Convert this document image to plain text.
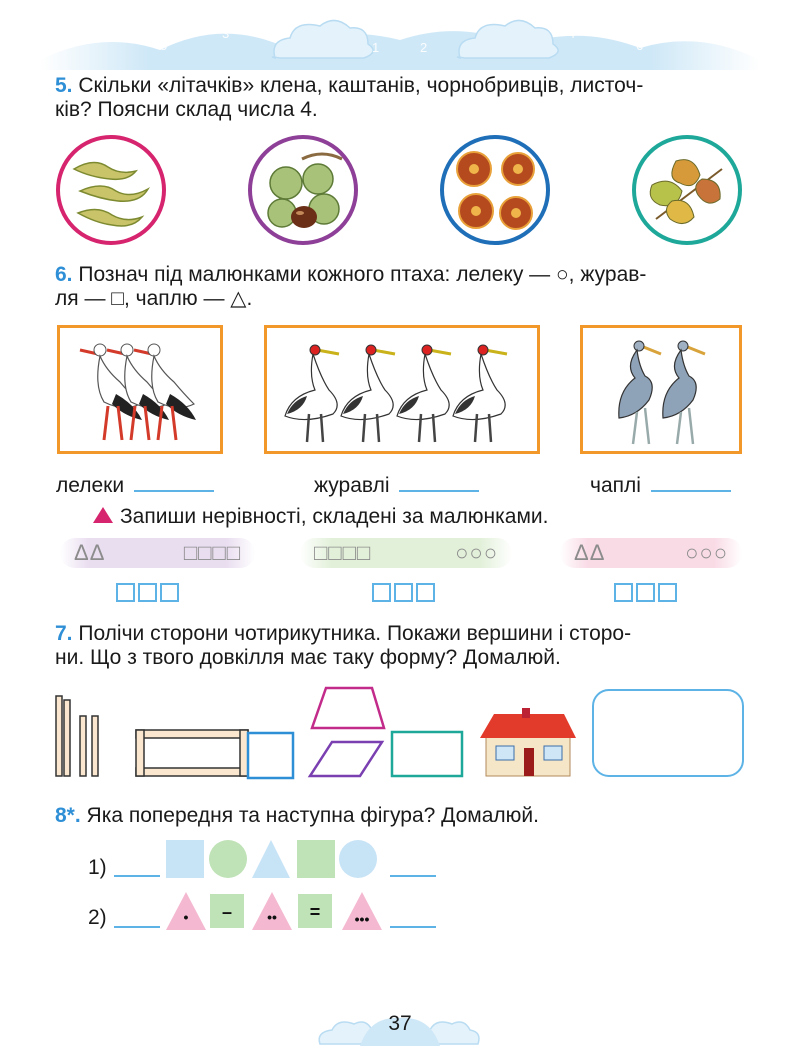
7
5
3
1
0
2
4
6
8
5. Скільки «літачків» клена, каштанів, чорнобривців, листоч-
ків? Поясни склад числа 4.
6. Познач під малюнками кожного птаха: лелеку — ○, журав-
ля — □, чаплю — △.
лелеки	журавлі	чаплі
Запиши нерівності, складені за малюнками.
ΔΔ	□□□□	□□□□	○○○	ΔΔ	○○○
7. Полічи сторони чотирикутника. Покажи вершини і сторо-
ни. Що з твого довкілля має таку форму? Домалюй.
8*. Яка попередня та наступна фігура? Домалюй.
1)
2)	• –	•• = •••
37
